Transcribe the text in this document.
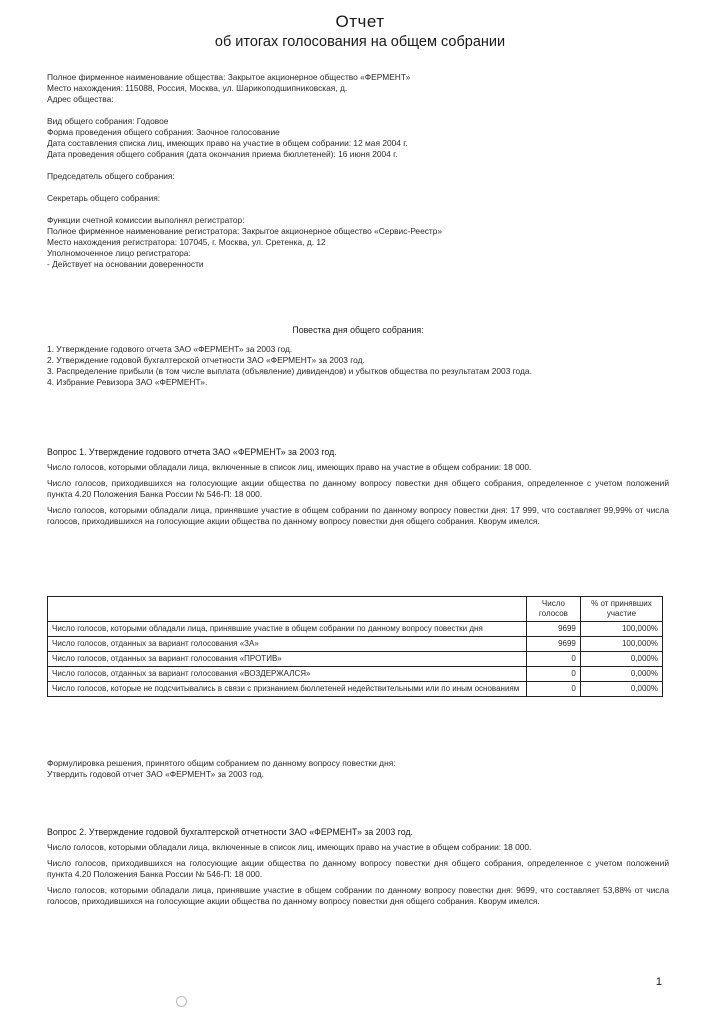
Отчет
об итогах голосования на общем собрании
Полное фирменное наименование общества: Закрытое акционерное общество «ФЕРМЕНТ»
Место нахождения: 115088, Россия, Москва, ул. Шарикоподшипниковская, д.
Адрес общества:
Вид общего собрания: Годовое
Форма проведения общего собрания: Заочное голосование
Дата составления списка лиц, имеющих право на участие в общем собрании: 12 мая 2004 г.
Дата проведения общего собрания (дата окончания приема бюллетеней): 16 июня 2004 г.
Председатель общего собрания:
Секретарь общего собрания:
Функции счетной комиссии выполнял регистратор:
Полное фирменное наименование регистратора: Закрытое акционерное общество «Сервис-Реестр»
Место нахождения регистратора: 107045, г. Москва, ул. Сретенка, д. 12
Уполномоченное лицо регистратора:
- Действует на основании доверенности
Повестка дня общего собрания:
1. Утверждение годового отчета ЗАО «ФЕРМЕНТ» за 2003 год.
2. Утверждение годовой бухгалтерской отчетности ЗАО «ФЕРМЕНТ» за 2003 год.
3. Распределение прибыли (в том числе выплата (объявление) дивидендов) и убытков общества по результатам 2003 года.
4. Избрание Ревизора ЗАО «ФЕРМЕНТ».
Вопрос 1. Утверждение годового отчета ЗАО «ФЕРМЕНТ» за 2003 год.
Число голосов, которыми обладали лица, включенные в список лиц, имеющих право на участие в общем собрании: 18 000.
Число голосов, приходившихся на голосующие акции общества по данному вопросу повестки дня общего собрания, определенное с учетом положений пункта 4.20 Положения Банка России № 546-П: 18 000.
Число голосов, которыми обладали лица, принявшие участие в общем собрании по данному вопросу повестки дня: 17 999, что составляет 99,99% от числа голосов, приходившихся на голосующие акции общества по данному вопросу повестки дня общего собрания. Кворум имелся.
	Число голосов	% от принявших участие
Число голосов, которыми обладали лица, принявшие участие в общем собрании по данному вопросу повестки дня	9699	100,000%
Число голосов, отданных за вариант голосования «ЗА»	9699	100,000%
Число голосов, отданных за вариант голосования «ПРОТИВ»	0	0,000%
Число голосов, отданных за вариант голосования «ВОЗДЕРЖАЛСЯ»	0	0,000%
Число голосов, которые не подсчитывались в связи с признанием бюллетеней недействительными или по иным основаниям	0	0,000%
Формулировка решения, принятого общим собранием по данному вопросу повестки дня:
Утвердить годовой отчет ЗАО «ФЕРМЕНТ» за 2003 год.
Вопрос 2. Утверждение годовой бухгалтерской отчетности ЗАО «ФЕРМЕНТ» за 2003 год.
Число голосов, которыми обладали лица, включенные в список лиц, имеющих право на участие в общем собрании: 18 000.
Число голосов, приходившихся на голосующие акции общества по данному вопросу повестки дня общего собрания, определенное с учетом положений пункта 4.20 Положения Банка России № 546-П: 18 000.
Число голосов, которыми обладали лица, принявшие участие в общем собрании по данному вопросу повестки дня: 9699, что составляет 53,88% от числа голосов, приходившихся на голосующие акции общества по данному вопросу повестки дня общего собрания. Кворум имелся.
1
